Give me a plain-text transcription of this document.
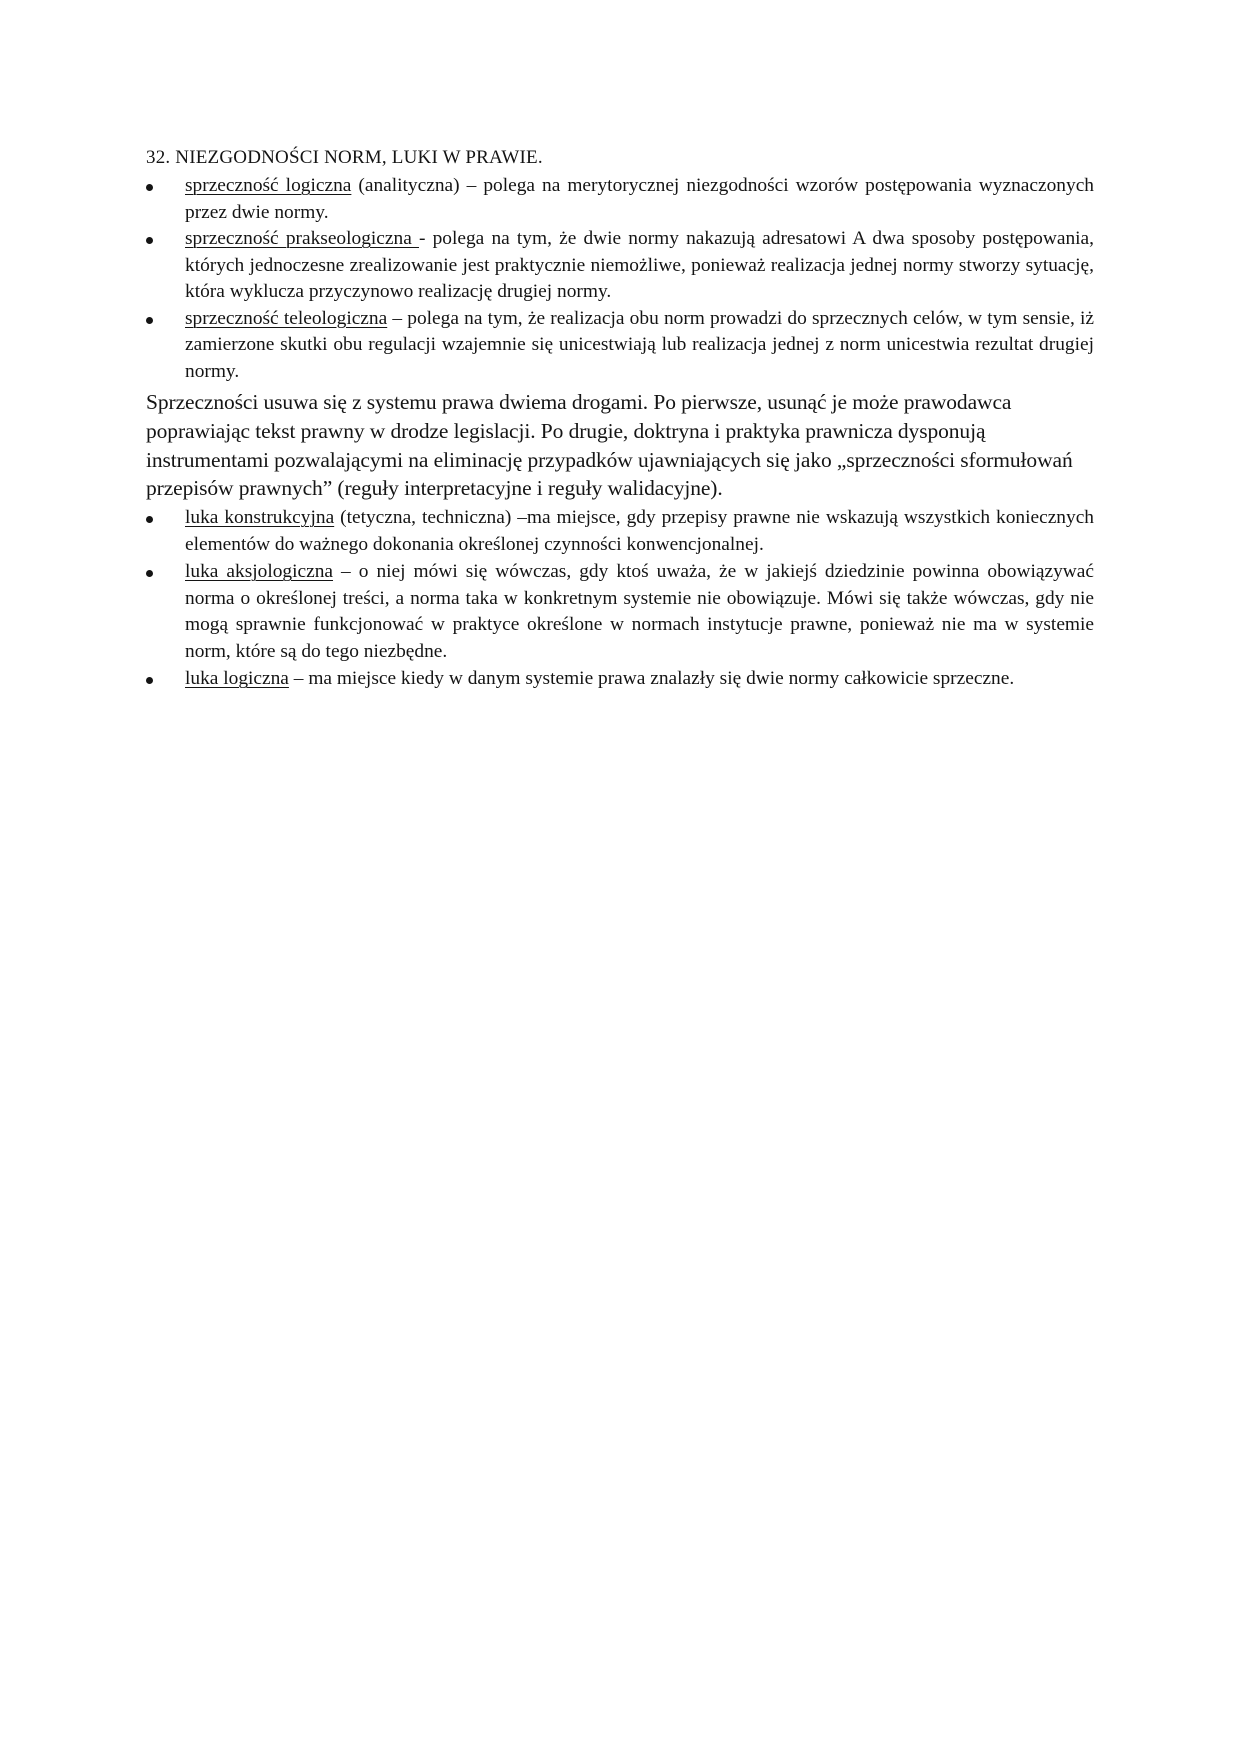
32. NIEZGODNOŚCI NORM, LUKI W PRAWIE.
sprzeczność logiczna (analityczna) – polega na merytorycznej niezgodności wzorów postępowania wyznaczonych przez dwie normy.
sprzeczność prakseologiczna - polega na tym, że dwie normy nakazują adresatowi A dwa sposoby postępowania, których jednoczesne zrealizowanie jest praktycznie niemożliwe, ponieważ realizacja jednej normy stworzy sytuację, która wyklucza przyczynowo realizację drugiej normy.
sprzeczność teleologiczna – polega na tym, że realizacja obu norm prowadzi do sprzecznych celów, w tym sensie, iż zamierzone skutki obu regulacji wzajemnie się unicestwiają lub realizacja jednej z norm unicestwia rezultat drugiej normy.

Sprzeczności usuwa się z systemu prawa dwiema drogami. Po pierwsze, usunąć je może prawodawca poprawiając tekst prawny w drodze legislacji. Po drugie, doktryna i praktyka prawnicza dysponują instrumentami pozwalającymi na eliminację przypadków ujawniających się jako „sprzeczności sformułowań przepisów prawnych” (reguły interpretacyjne i reguły walidacyjne).

luka konstrukcyjna (tetyczna, techniczna) –ma miejsce, gdy przepisy prawne nie wskazują wszystkich koniecznych elementów do ważnego dokonania określonej czynności konwencjonalnej.
luka aksjologiczna – o niej mówi się wówczas, gdy ktoś uważa, że w jakiejś dziedzinie powinna obowiązywać norma o określonej treści, a norma taka w konkretnym systemie nie obowiązuje. Mówi się także wówczas, gdy nie mogą sprawnie funkcjonować w praktyce określone w normach instytucje prawne, ponieważ nie ma w systemie norm, które są do tego niezbędne.
luka logiczna – ma miejsce kiedy w danym systemie prawa znalazły się dwie normy całkowicie sprzeczne.
